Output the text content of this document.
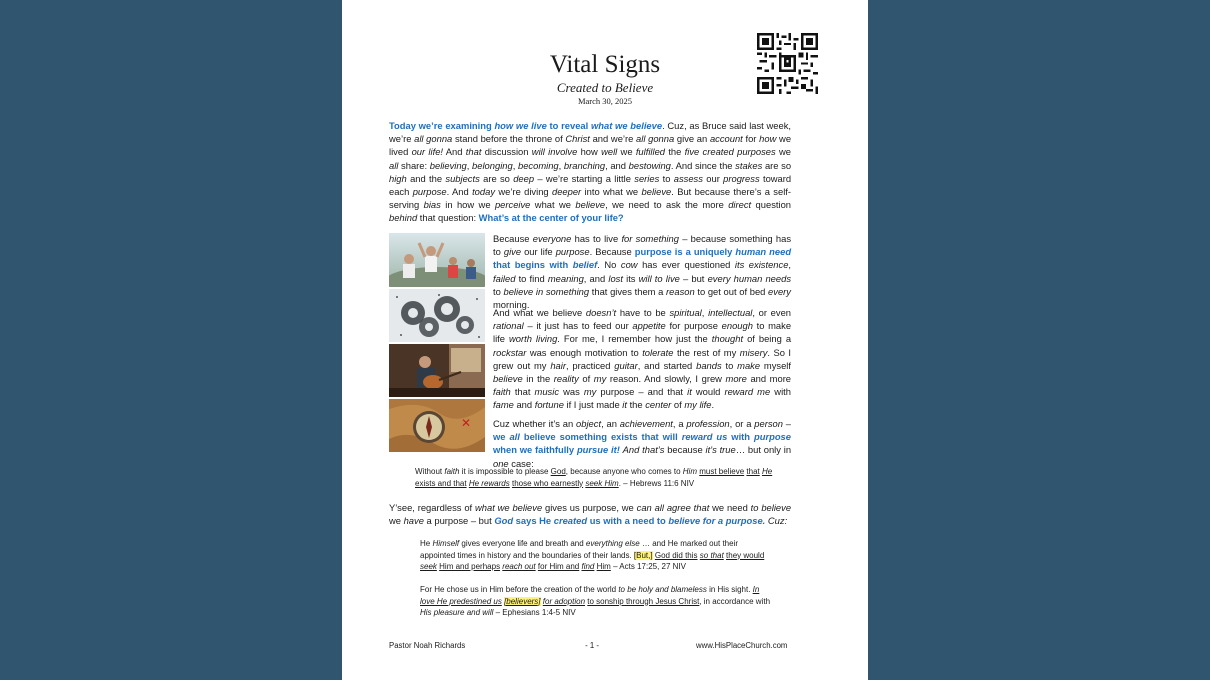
Vital Signs
Created to Believe
March 30, 2025
Today we’re examining how we live to reveal what we believe. Cuz, as Bruce said last week, we’re all gonna stand before the throne of Christ and we’re all gonna give an account for how we lived our life! And that discussion will involve how well we fulfilled the five created purposes we all share: believing, belonging, becoming, branching, and bestowing. And since the stakes are so high and the subjects are so deep – we’re starting a little series to assess our progress toward each purpose. And today we’re diving deeper into what we believe. But because there’s a self-serving bias in how we perceive what we believe, we need to ask the more direct question behind that question: What’s at the center of your life?
✕
Because everyone has to live for something – because something has to give our life purpose. Because purpose is a uniquely human need that begins with belief. No cow has ever questioned its existence, failed to find meaning, and lost its will to live – but every human needs to believe in something that gives them a reason to get out of bed every morning.
And what we believe doesn’t have to be spiritual, intellectual, or even rational – it just has to feed our appetite for purpose enough to make life worth living. For me, I remember how just the thought of being a rockstar was enough motivation to tolerate the rest of my misery. So I grew out my hair, practiced guitar, and started bands to make myself believe in the reality of my reason. And slowly, I grew more and more faith that music was my purpose – and that it would reward me with fame and fortune if I just made it the center of my life.
Cuz whether it’s an object, an achievement, a profession, or a person – we all believe something exists that will reward us with purpose when we faithfully pursue it! And that’s because it’s true… but only in one case:
Without faith it is impossible to please God, because anyone who comes to Him must believe that He exists and that He rewards those who earnestly seek Him. – Hebrews 11:6 NIV
Y’see, regardless of what we believe gives us purpose, we can all agree that we need to believe we have a purpose – but God says He created us with a need to believe for a purpose. Cuz:
He Himself gives everyone life and breath and everything else … and He marked out their appointed times in history and the boundaries of their lands. [But,] God did this so that they would seek Him and perhaps reach out for Him and find Him – Acts 17:25, 27 NIV
For He chose us in Him before the creation of the world to be holy and blameless in His sight. In love He predestined us [believers] for adoption to sonship through Jesus Christ, in accordance with His pleasure and will – Ephesians 1:4-5 NIV
Pastor Noah Richards	- 1 -	www.HisPlaceChurch.com
